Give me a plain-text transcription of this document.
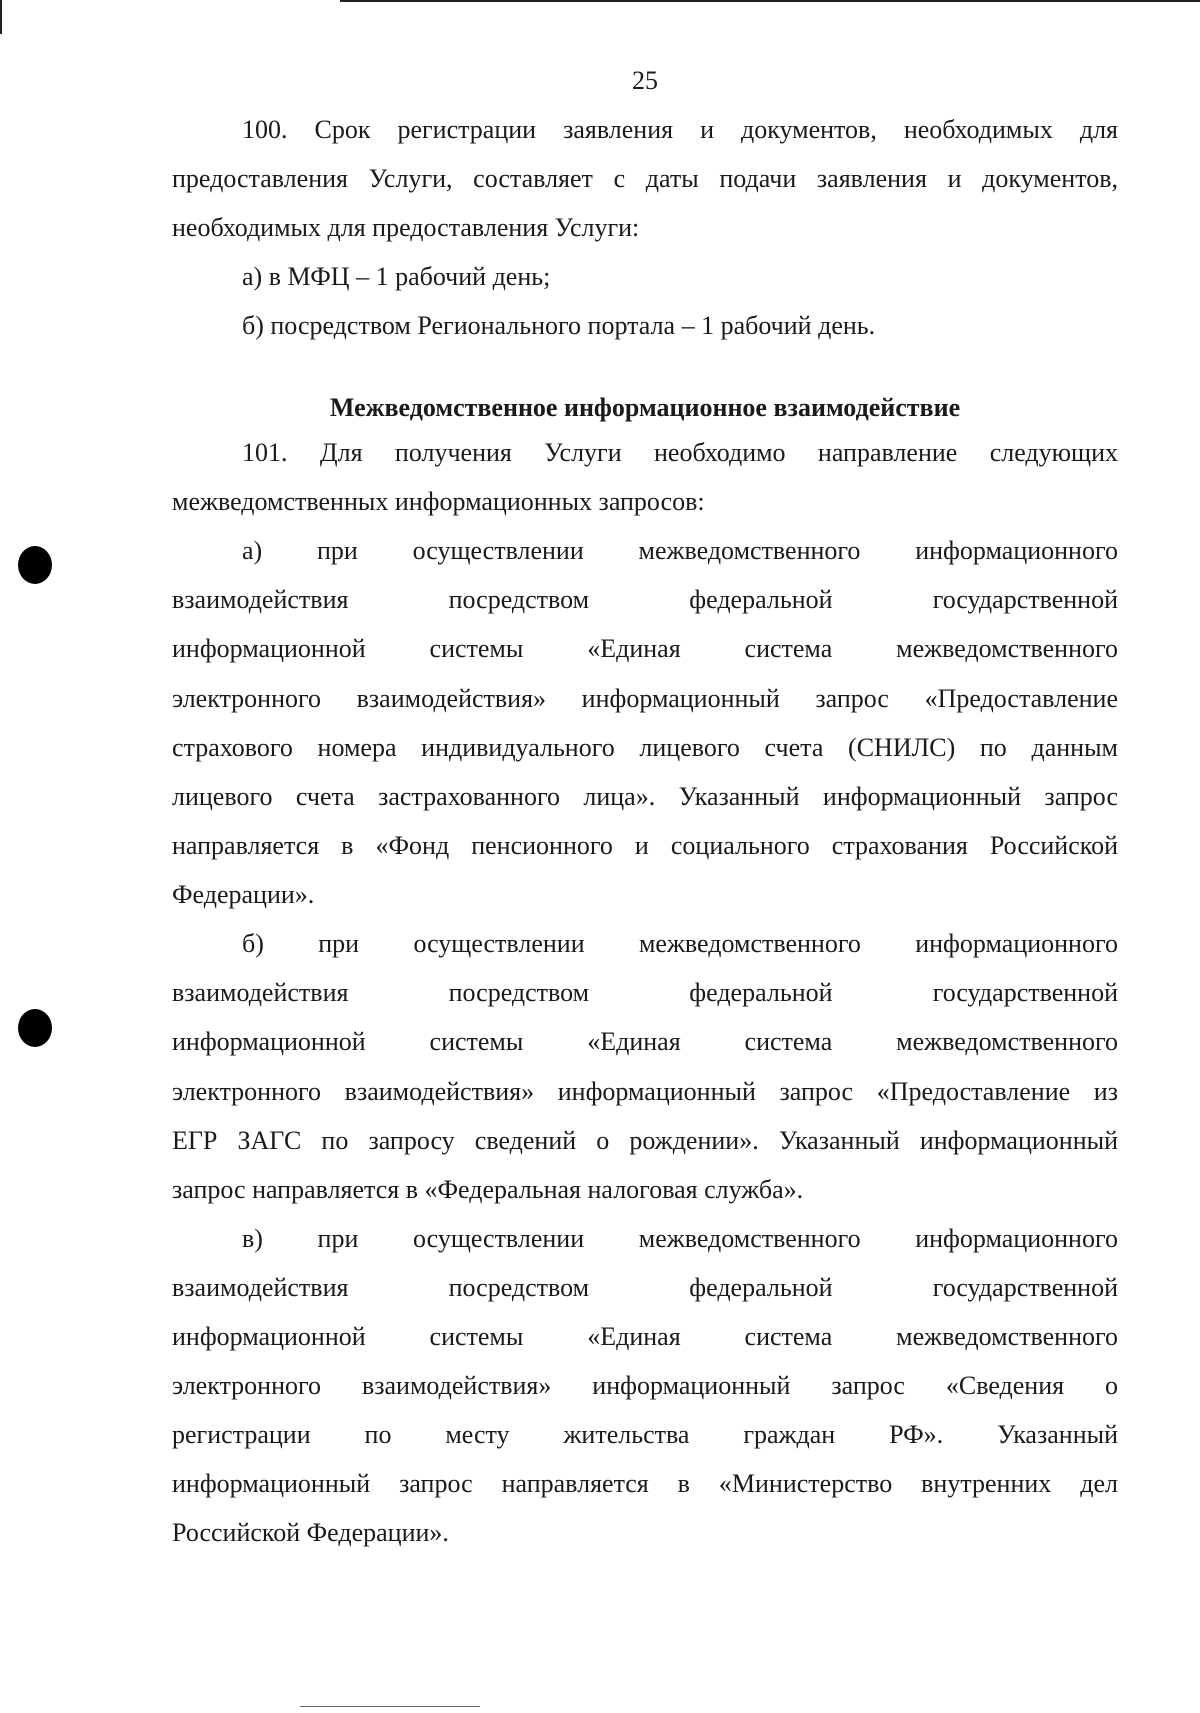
25
100. Срок регистрации заявления и документов, необходимых для
предоставления Услуги, составляет с даты подачи заявления и документов,
необходимых для предоставления Услуги:
а) в МФЦ – 1 рабочий день;
б) посредством Регионального портала – 1 рабочий день.
Межведомственное информационное взаимодействие
101. Для получения Услуги необходимо направление следующих
межведомственных информационных запросов:
а) при осуществлении межведомственного информационного
взаимодействия посредством федеральной государственной
информационной системы «Единая система межведомственного
электронного взаимодействия» информационный запрос «Предоставление
страхового номера индивидуального лицевого счета (СНИЛС) по данным
лицевого счета застрахованного лица». Указанный информационный запрос
направляется в «Фонд пенсионного и социального страхования Российской
Федерации».
б) при осуществлении межведомственного информационного
взаимодействия посредством федеральной государственной
информационной системы «Единая система межведомственного
электронного взаимодействия» информационный запрос «Предоставление из
ЕГР ЗАГС по запросу сведений о рождении». Указанный информационный
запрос направляется в «Федеральная налоговая служба».
в) при осуществлении межведомственного информационного
взаимодействия посредством федеральной государственной
информационной системы «Единая система межведомственного
электронного взаимодействия» информационный запрос «Сведения о
регистрации по месту жительства граждан РФ». Указанный
информационный запрос направляется в «Министерство внутренних дел
Российской Федерации».
